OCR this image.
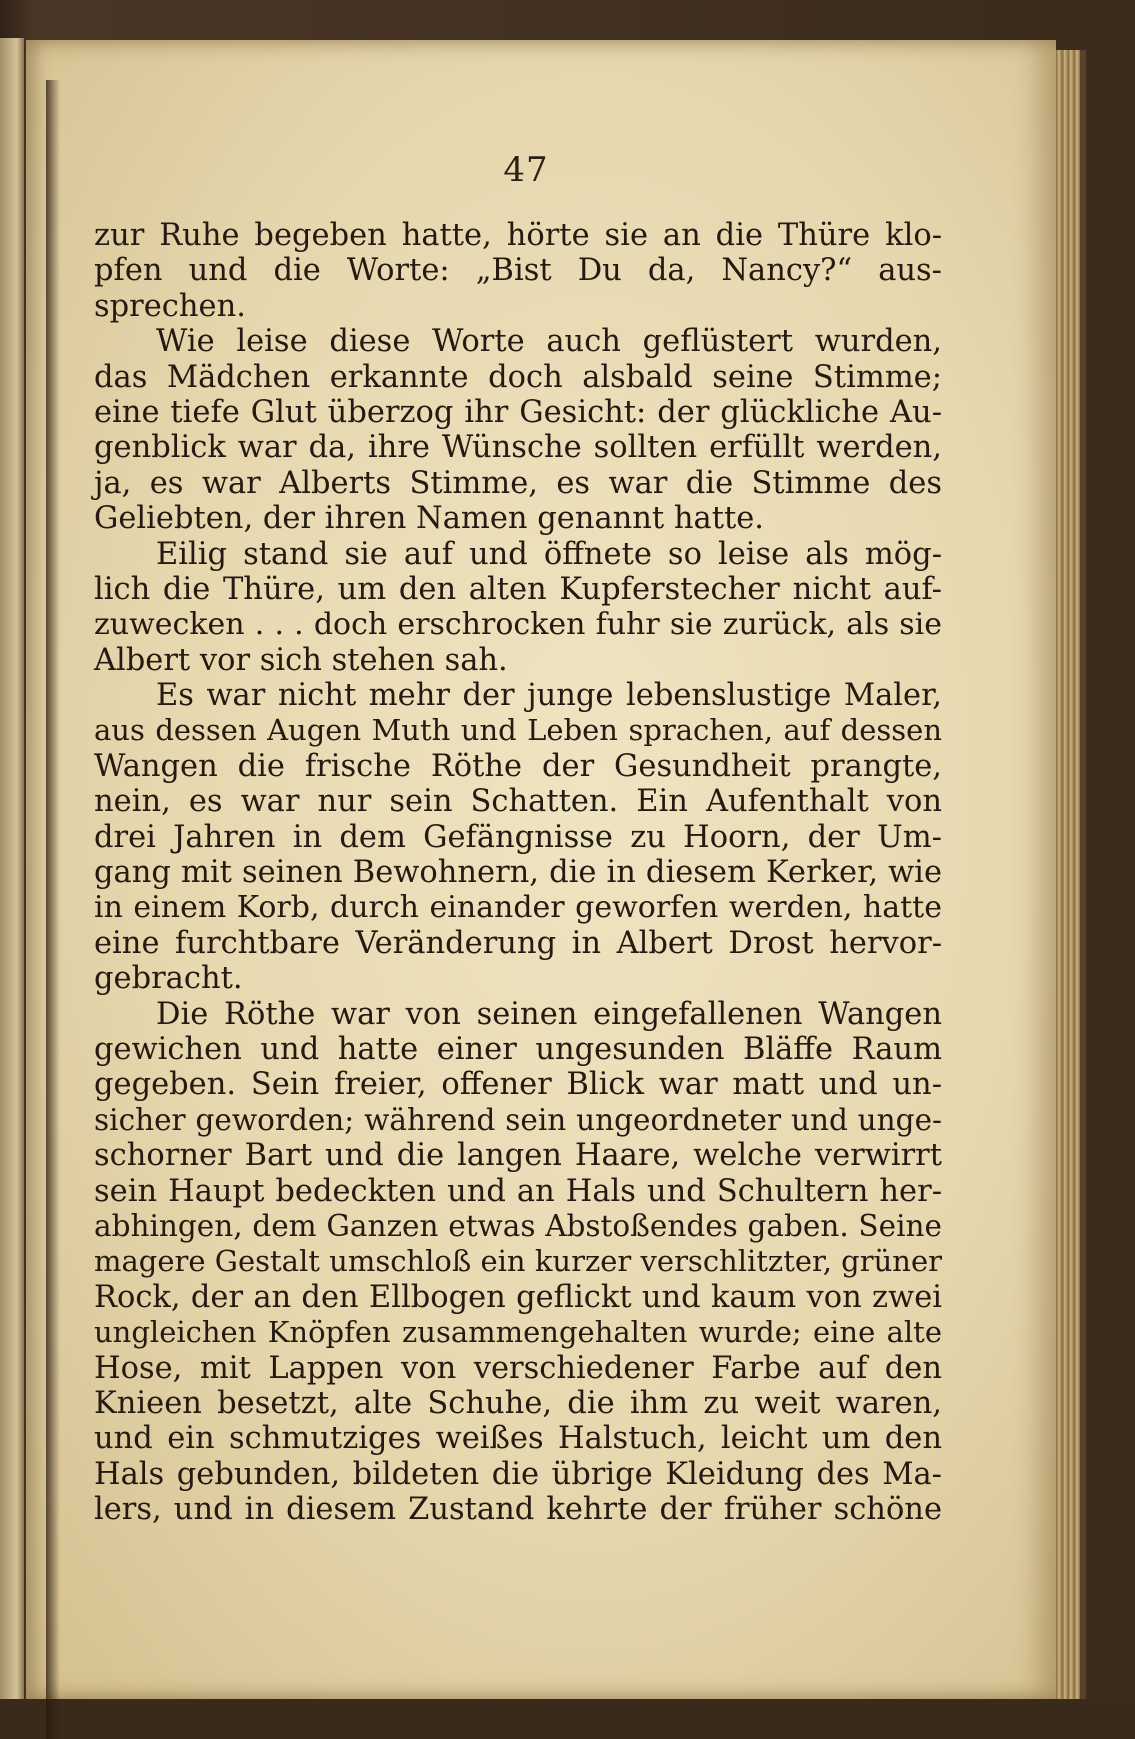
47
zur Ruhe begeben hatte, hörte sie an die Thüre klo-
pfen und die Worte: „Bist Du da, Nancy?“ aus-
sprechen.
Wie leise diese Worte auch geflüstert wurden,
das Mädchen erkannte doch alsbald seine Stimme;
eine tiefe Glut überzog ihr Gesicht: der glückliche Au-
genblick war da, ihre Wünsche sollten erfüllt werden,
ja, es war Alberts Stimme, es war die Stimme des
Geliebten, der ihren Namen genannt hatte.
Eilig stand sie auf und öffnete so leise als mög-
lich die Thüre, um den alten Kupferstecher nicht auf-
zuwecken . . . doch erschrocken fuhr sie zurück, als sie
Albert vor sich stehen sah.
Es war nicht mehr der junge lebenslustige Maler,
aus dessen Augen Muth und Leben sprachen, auf dessen
Wangen die frische Röthe der Gesundheit prangte,
nein, es war nur sein Schatten. Ein Aufenthalt von
drei Jahren in dem Gefängnisse zu Hoorn, der Um-
gang mit seinen Bewohnern, die in diesem Kerker, wie
in einem Korb, durch einander geworfen werden, hatte
eine furchtbare Veränderung in Albert Drost hervor-
gebracht.
Die Röthe war von seinen eingefallenen Wangen
gewichen und hatte einer ungesunden Bläffe Raum
gegeben. Sein freier, offener Blick war matt und un-
sicher geworden; während sein ungeordneter und unge-
schorner Bart und die langen Haare, welche verwirrt
sein Haupt bedeckten und an Hals und Schultern her-
abhingen, dem Ganzen etwas Abstoßendes gaben. Seine
magere Gestalt umschloß ein kurzer verschlitzter, grüner
Rock, der an den Ellbogen geflickt und kaum von zwei
ungleichen Knöpfen zusammengehalten wurde; eine alte
Hose, mit Lappen von verschiedener Farbe auf den
Knieen besetzt, alte Schuhe, die ihm zu weit waren,
und ein schmutziges weißes Halstuch, leicht um den
Hals gebunden, bildeten die übrige Kleidung des Ma-
lers, und in diesem Zustand kehrte der früher schöne
